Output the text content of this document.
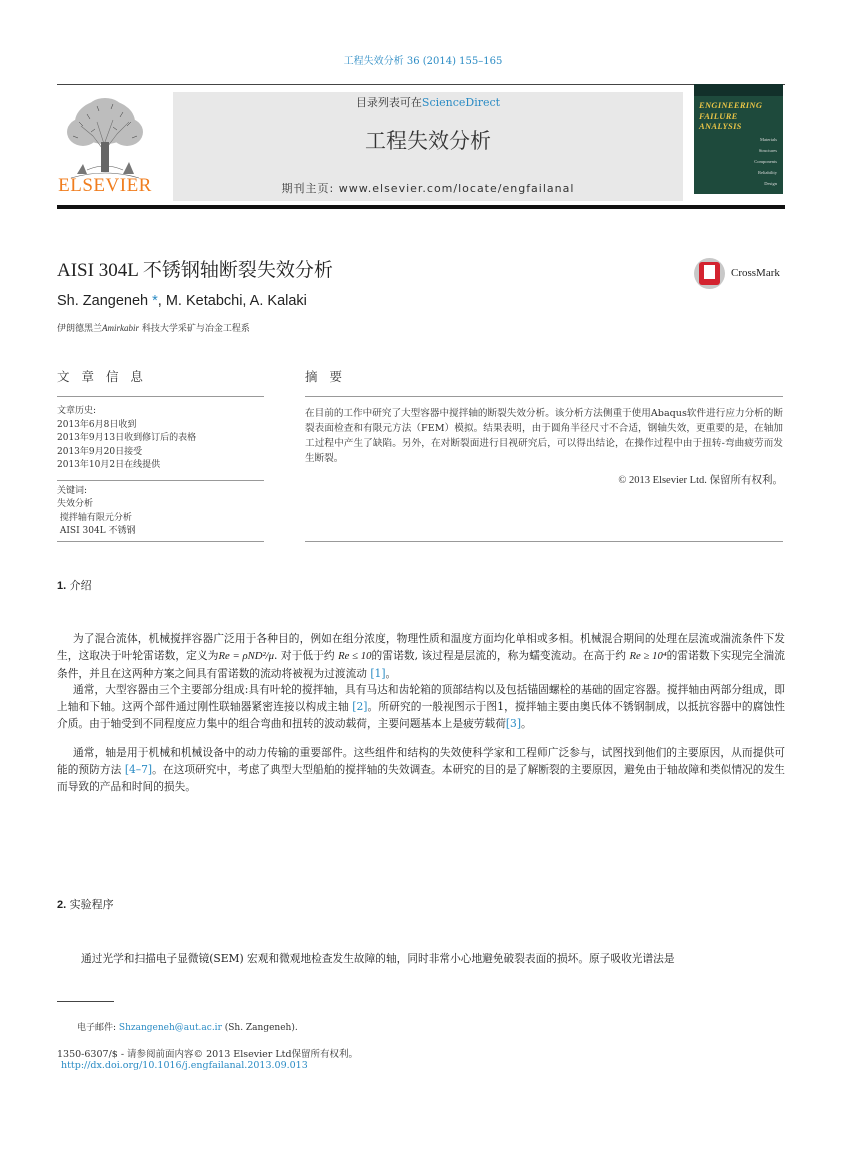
工程失效分析 36 (2014) 155–165
ELSEVIER
目录列表可在ScienceDirect
工程失效分析
期刊主页: www.elsevier.com/locate/engfailanal
ENGINEERING
FAILURE
ANALYSIS
Materials
Structures
Components
Reliability
Design
AISI 304L 不锈钢轴断裂失效分析	CrossMark
Sh. Zangeneh *, M. Ketabchi, A. Kalaki
伊朗德黑兰Amirkabir 科技大学采矿与冶金工程系
文 章 信 息	摘 要
文章历史:
2013年6月8日收到
2013年9月13日收到修订后的表格
2013年9月20日接受
2013年10月2日在线提供
关键词:
失效分析
搅拌轴有限元分析
AISI 304L 不锈钢
在目前的工作中研究了大型容器中搅拌轴的断裂失效分析。该分析方法侧重于使用Abaqus软件进行应力分析的断裂表面检查和有限元方法（FEM）模拟。结果表明，由于圆角半径尺寸不合适，钢轴失效，更重要的是，在轴加工过程中产生了缺陷。另外，在对断裂面进行目视研究后，可以得出结论，在操作过程中由于扭转-弯曲疲劳而发生断裂。
© 2013 Elsevier Ltd. 保留所有权利。
1. 介绍
为了混合流体，机械搅拌容器广泛用于各种目的，例如在组分浓度，物理性质和温度方面均化单相或多相。机械混合期间的处理在层流或湍流条件下发生，这取决于叶轮雷诺数，定义为Re = ρND²/μ. 对于低于约 Re ≤ 10的雷诺数, 该过程是层流的，称为蠕变流动。在高于约 Re ≥ 10⁴的雷诺数下实现完全湍流条件，并且在这两种方案之间具有雷诺数的流动将被视为过渡流动 [1]。
通常，大型容器由三个主要部分组成:具有叶轮的搅拌轴，具有马达和齿轮箱的顶部结构以及包括锚固螺栓的基础的固定容器。搅拌轴由两部分组成，即上轴和下轴。这两个部件通过刚性联轴器紧密连接以构成主轴 [2]。所研究的一般视图示于图1，搅拌轴主要由奥氏体不锈钢制成，以抵抗容器中的腐蚀性介质。由于轴受到不同程度应力集中的组合弯曲和扭转的波动载荷，主要问题基本上是疲劳载荷[3]。
通常，轴是用于机械和机械设备中的动力传输的重要部件。这些组件和结构的失效使科学家和工程师广泛参与，试图找到他们的主要原因，从而提供可能的预防方法 [4–7]。在这项研究中，考虑了典型大型船舶的搅拌轴的失效调查。本研究的目的是了解断裂的主要原因，避免由于轴故障和类似情况的发生而导致的产品和时间的损失。
2. 实验程序
通过光学和扫描电子显微镜(SEM) 宏观和微观地检查发生故障的轴，同时非常小心地避免破裂表面的损坏。原子吸收光谱法是
电子邮件: Shzangeneh@aut.ac.ir (Sh. Zangeneh).
1350-6307/$ - 请参阅前面内容© 2013 Elsevier Ltd保留所有权利。
http://dx.doi.org/10.1016/j.engfailanal.2013.09.013
